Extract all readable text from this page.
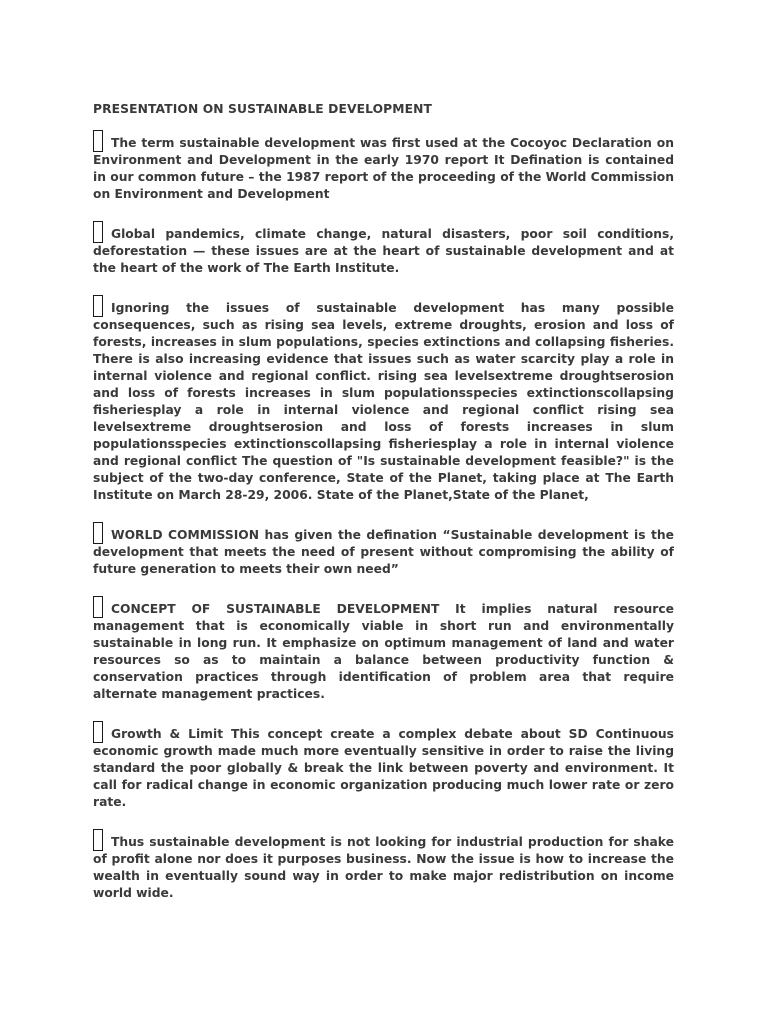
PRESENTATION ON SUSTAINABLE DEVELOPMENT

The term sustainable development was first used at the Cocoyoc Declaration on Environment and Development in the early 1970 report It Defination is contained in our common future – the 1987 report of the proceeding of the World Commission on Environment and Development

Global pandemics, climate change, natural disasters, poor soil conditions, deforestation — these issues are at the heart of sustainable development and at the heart of the work of The Earth Institute.

Ignoring the issues of sustainable development has many possible consequences, such as rising sea levels, extreme droughts, erosion and loss of forests, increases in slum populations, species extinctions and collapsing fisheries. There is also increasing evidence that issues such as water scarcity play a role in internal violence and regional conflict. rising sea levelsextreme droughtserosion and loss of forests increases in slum populationsspecies extinctionscollapsing fisheriesplay a role in internal violence and regional conflict rising sea levelsextreme droughtserosion and loss of forests increases in slum populationsspecies extinctionscollapsing fisheriesplay a role in internal violence and regional conflict The question of "Is sustainable development feasible?" is the subject of the two-day conference, State of the Planet, taking place at The Earth Institute on March 28-29, 2006. State of the Planet,State of the Planet,

WORLD COMMISSION has given the defination “Sustainable development is the development that meets the need of present without compromising the ability of future generation to meets their own need”

CONCEPT OF SUSTAINABLE DEVELOPMENT It implies natural resource management that is economically viable in short run and environmentally sustainable in long run. It emphasize on optimum management of land and water resources so as to maintain a balance between productivity function & conservation practices through identification of problem area that require alternate management practices.

Growth & Limit This concept create a complex debate about SD Continuous economic growth made much more eventually sensitive in order to raise the living standard the poor globally & break the link between poverty and environment. It call for radical change in economic organization producing much lower rate or zero rate.

Thus sustainable development is not looking for industrial production for shake of profit alone nor does it purposes business. Now the issue is how to increase the wealth in eventually sound way in order to make major redistribution on income world wide.
